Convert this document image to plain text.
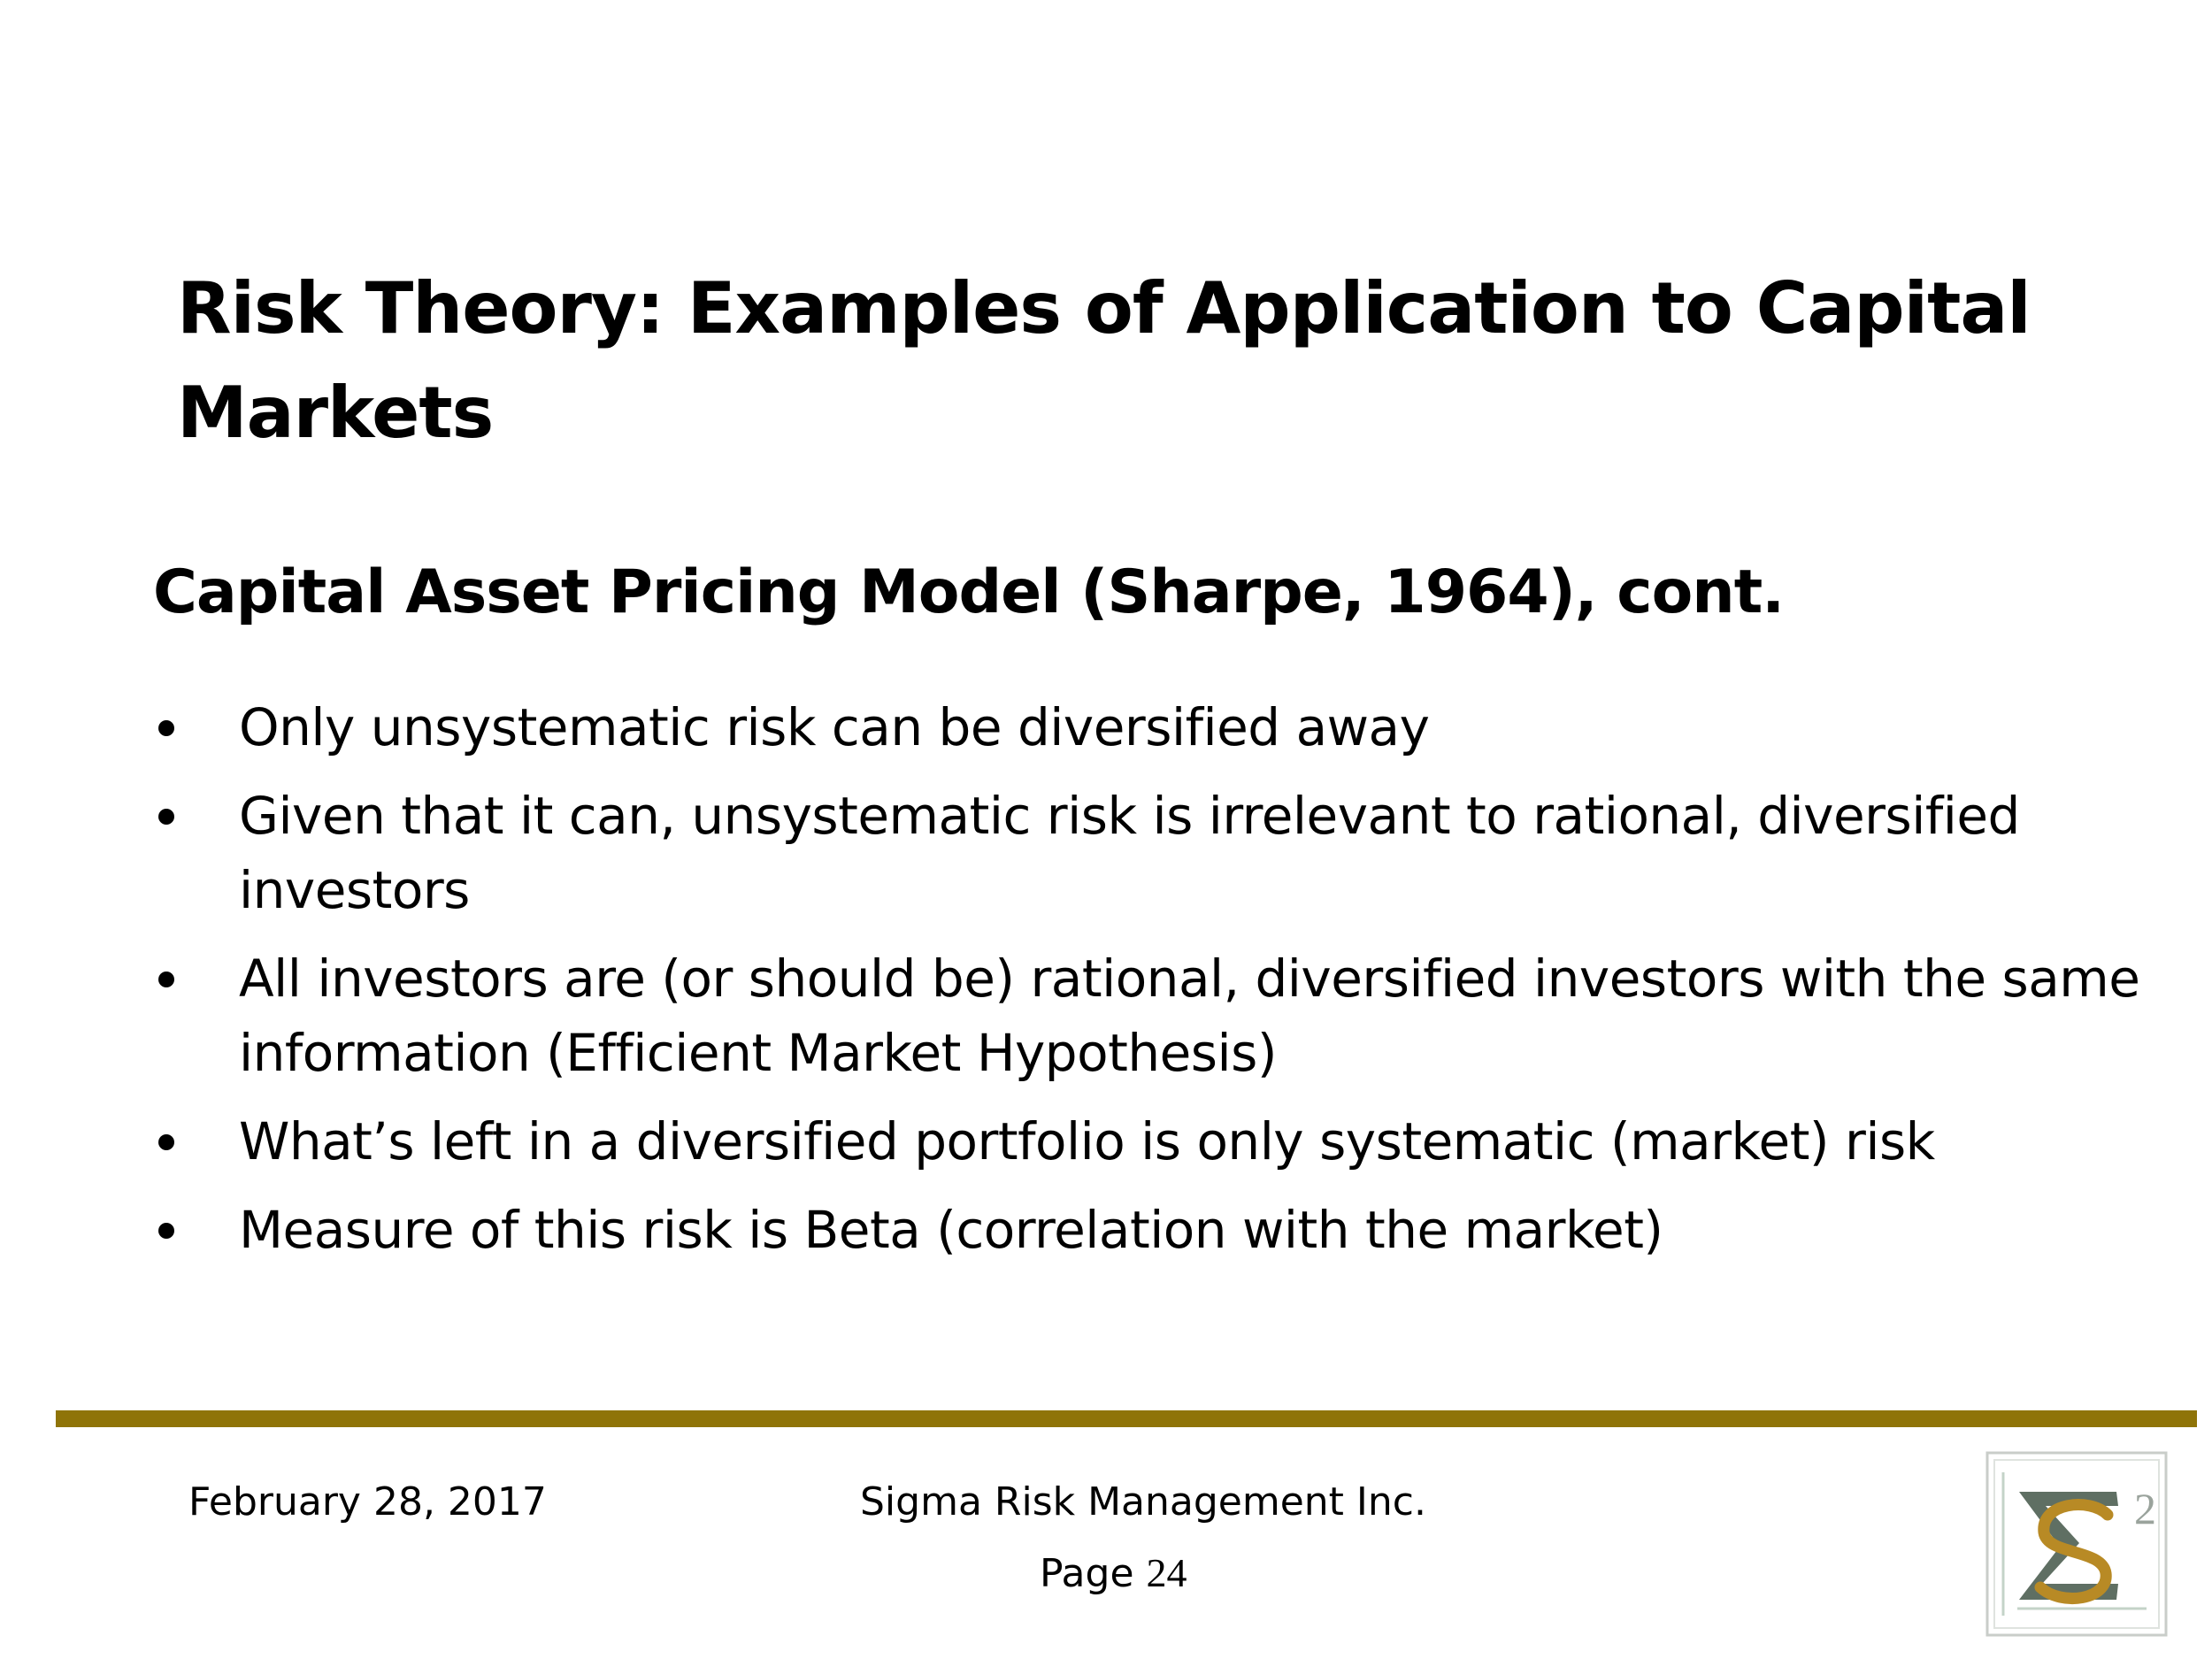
Risk Theory: Examples of Application to Capital Markets
Capital Asset Pricing Model (Sharpe, 1964), cont.
Only unsystematic risk can be diversified away
Given that it can, unsystematic risk is irrelevant to rational, diversified investors
All investors are (or should be) rational, diversified investors with the same information (Efficient Market Hypothesis)
What’s left in a diversified portfolio is only systematic (market) risk
Measure of this risk is Beta (correlation with the market)
February 28, 2017	Sigma Risk Management Inc.
Page 24
2
